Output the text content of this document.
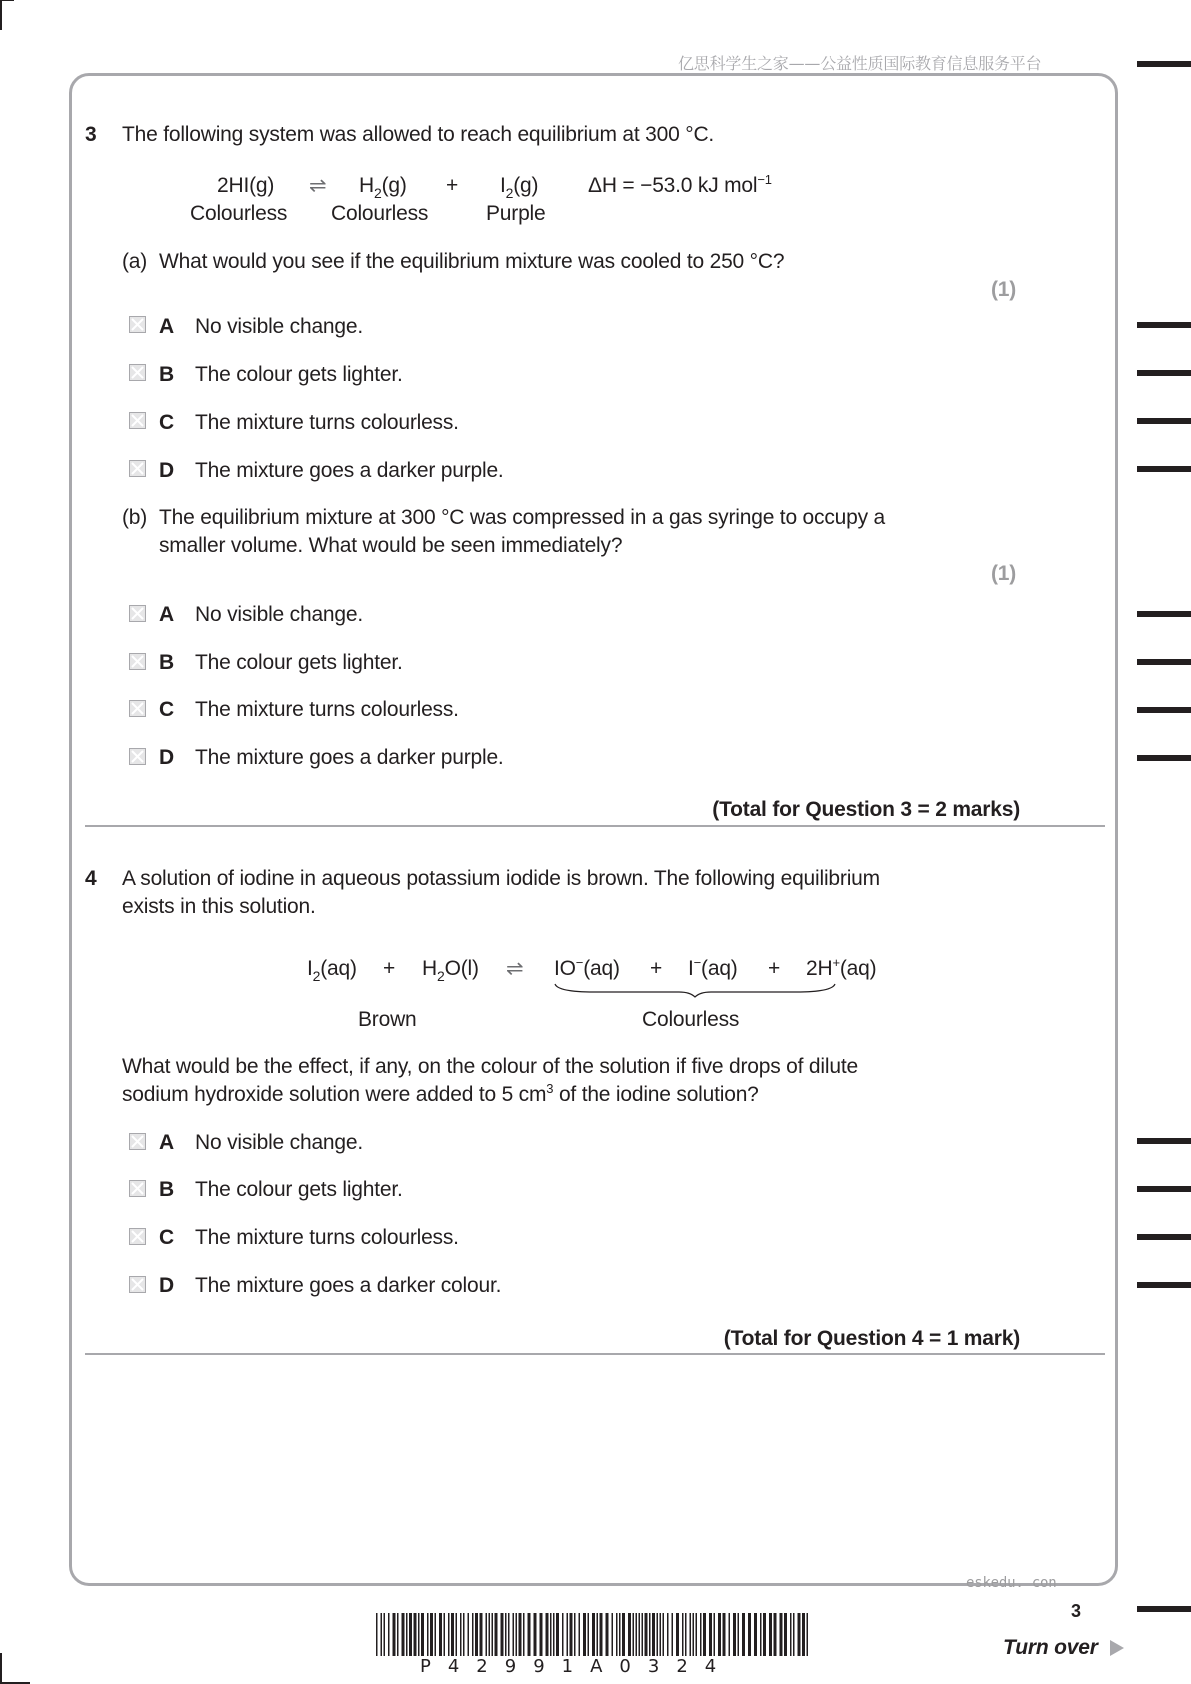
亿思科学生之家——公益性质国际教育信息服务平台
3 The following system was allowed to reach equilibrium at 300 °C.
2HI(g) ⇌ $H_2(g) + I_2(g) \Delta H = -53.0$ kJ mol$^{-1}$
Colourless Colourless	Purple
(a) What would you see if the equilibrium mixture was cooled to 250 °C?
(1)
A No visible change.
B The colour gets lighter.
C The mixture turns colourless.
D The mixture goes a darker purple.
(b) The equilibrium mixture at 300 °C was compressed in a gas syringe to occupy a
smaller volume. What would be seen immediately?
(1)
A No visible change.
B The colour gets lighter.
C The mixture turns colourless.
D The mixture goes a darker purple.
(Total for Question 3 = 2 marks)
4 A solution of iodine in aqueous potassium iodide is brown. The following equilibrium
exists in this solution.
$I_2(aq) + H_2O(l)$ ⇌ IO−(aq) + I−(aq) + 2H+(aq)
Brown	Colourless
What would be the effect, if any, on the colour of the solution if five drops of dilute
sodium hydroxide solution were added to 5 $cm^3$ of the iodine solution?
A No visible change.
B The colour gets lighter.
C The mixture turns colourless.
D The mixture goes a darker colour.
(Total for Question 4 = 1 mark)
eskedu. con
P42991A0324
3
Turn over
